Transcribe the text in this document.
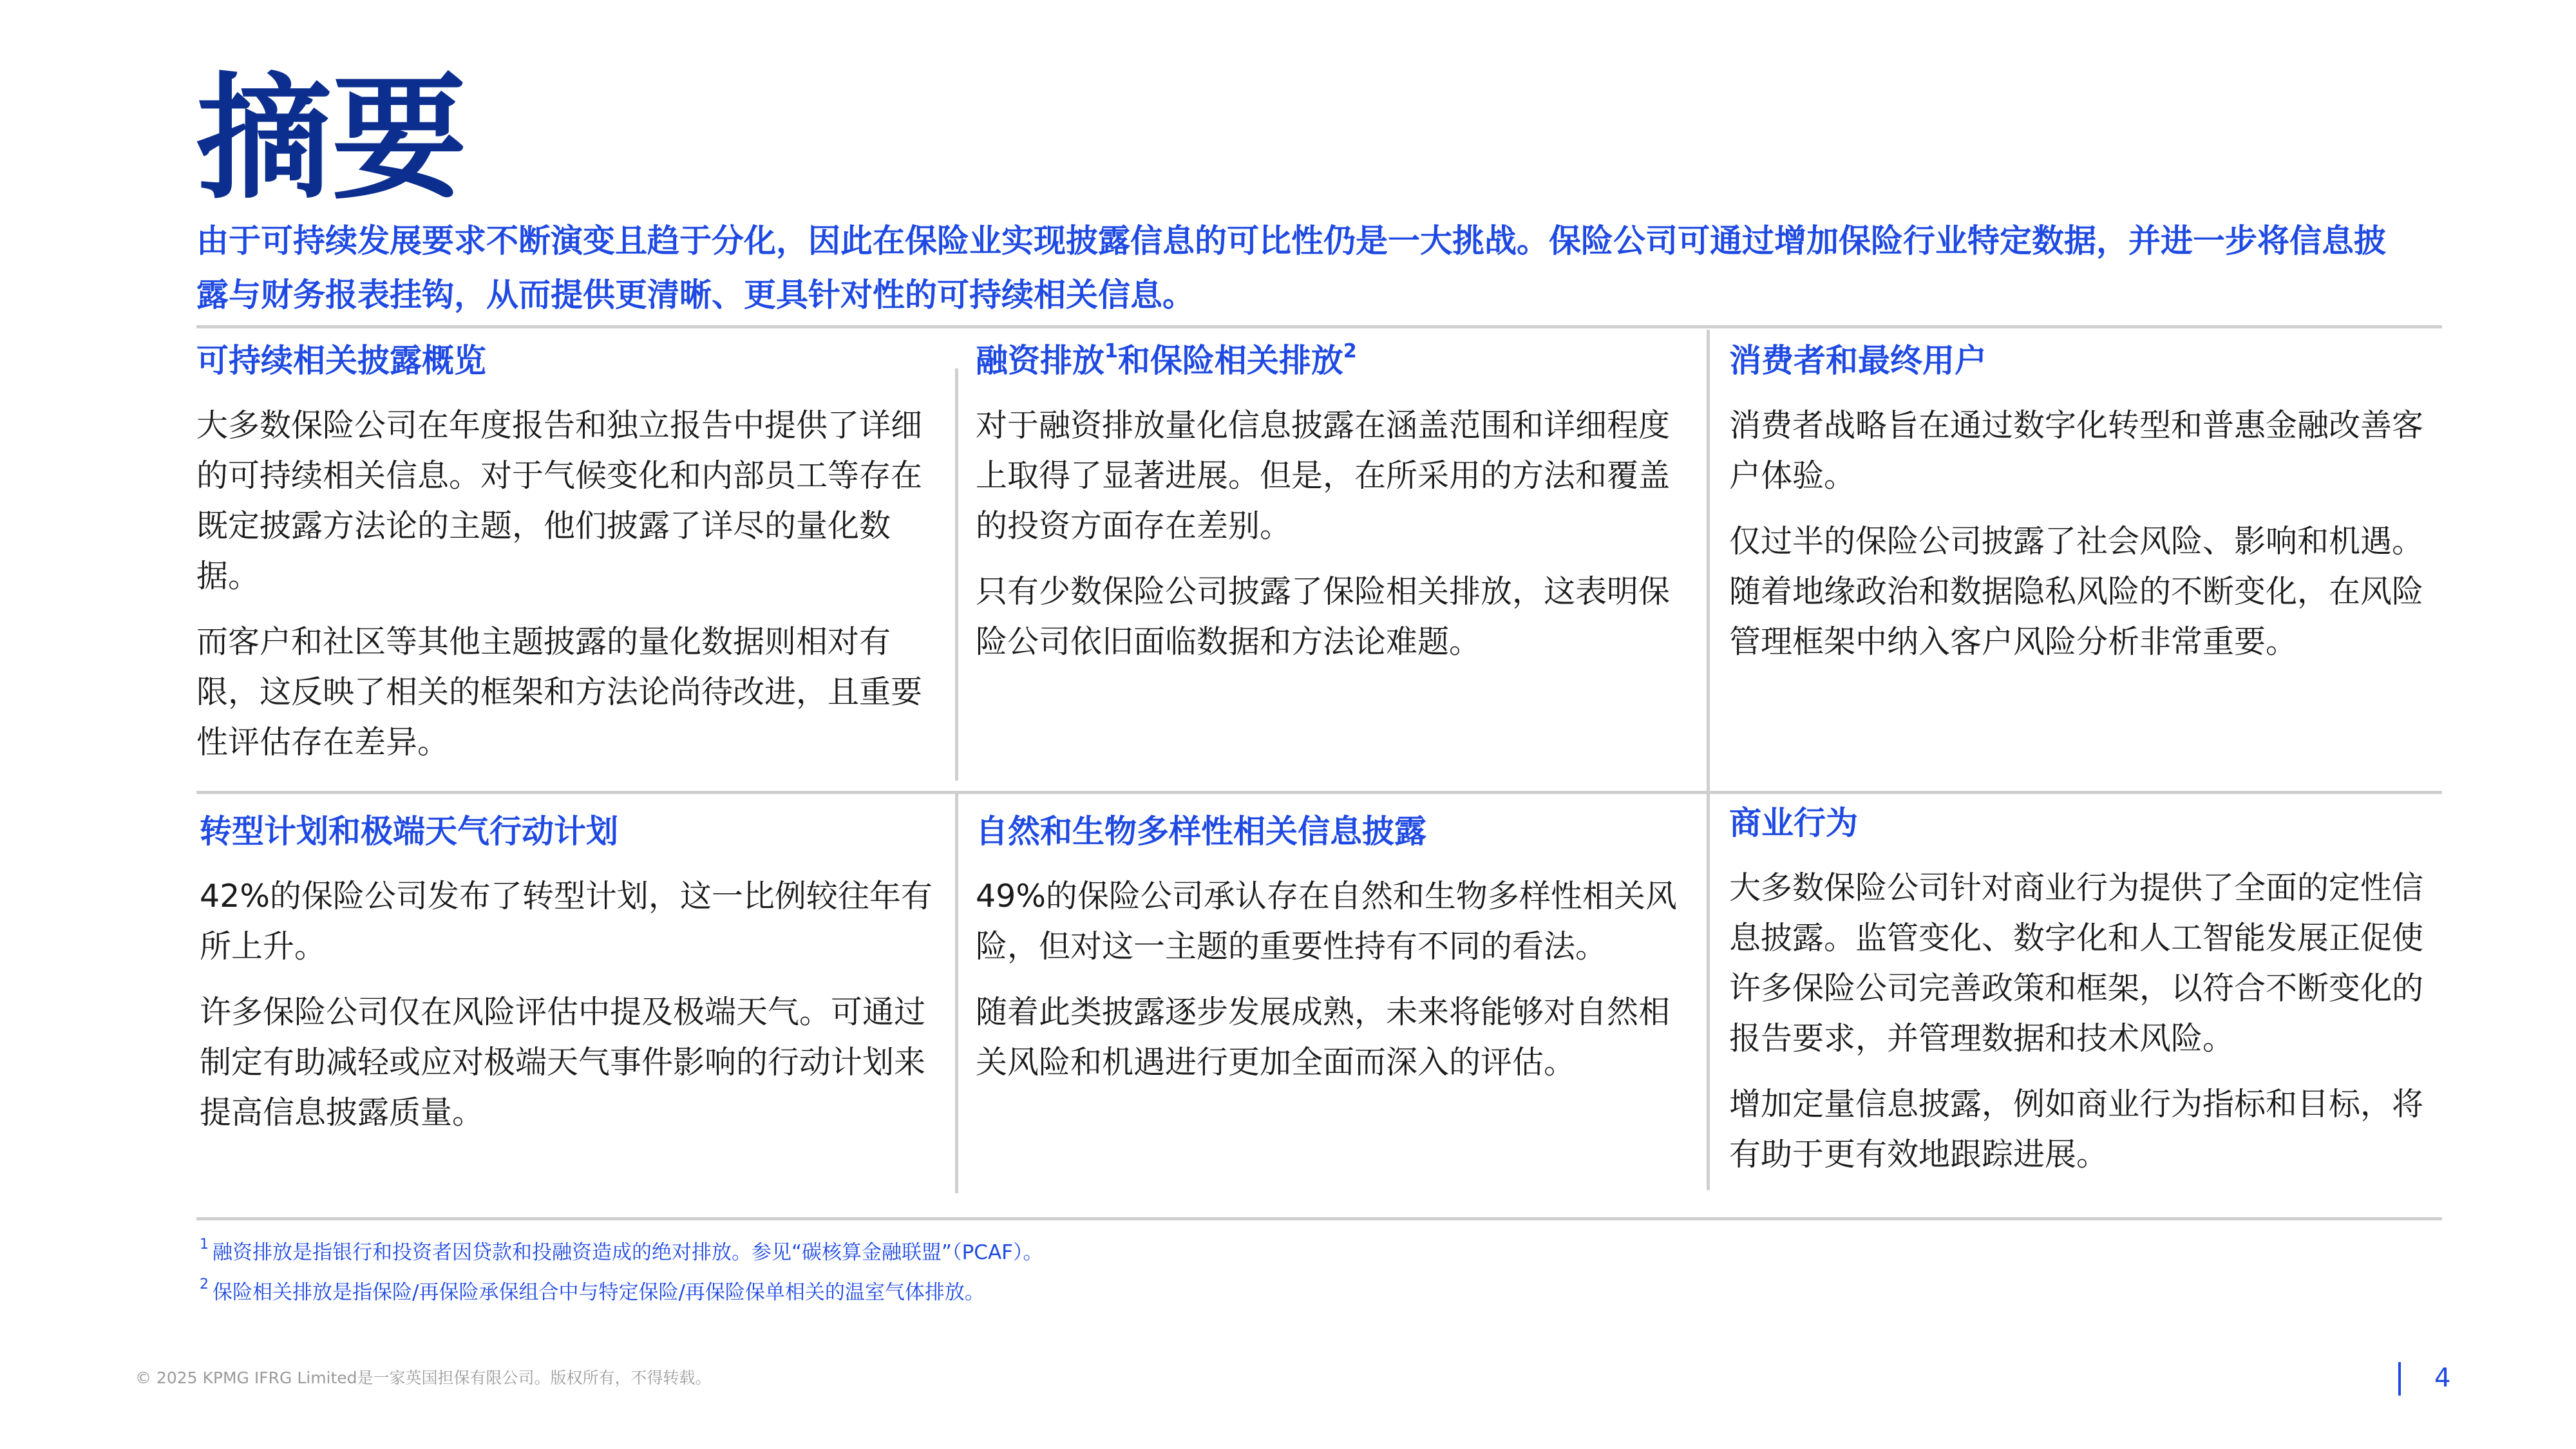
摘要

由于可持续发展要求不断演变且趋于分化，因此在保险业实现披露信息的可比性仍是一大挑战。保险公司可通过增加保险行业特定数据，并进一步将信息披露与财务报表挂钩，从而提供更清晰、更具针对性的可持续相关信息。

可持续相关披露概览

大多数保险公司在年度报告和独立报告中提供了详细的可持续相关信息。对于气候变化和内部员工等存在既定披露方法论的主题，他们披露了详尽的量化数据。

而客户和社区等其他主题披露的量化数据则相对有限，这反映了相关的框架和方法论尚待改进，且重要性评估存在差异。

融资排放$^1$和保险相关排放$^2$

对于融资排放量化信息披露在涵盖范围和详细程度上取得了显著进展。但是，在所采用的方法和覆盖的投资方面存在差别。

只有少数保险公司披露了保险相关排放，这表明保险公司依旧面临数据和方法论难题。

消费者和最终用户

消费者战略旨在通过数字化转型和普惠金融改善客户体验。

仅过半的保险公司披露了社会风险、影响和机遇。随着地缘政治和数据隐私风险的不断变化，在风险管理框架中纳入客户风险分析非常重要。

转型计划和极端天气行动计划

42%的保险公司发布了转型计划，这一比例较往年有所上升。

许多保险公司仅在风险评估中提及极端天气。可通过制定有助减轻或应对极端天气事件影响的行动计划来提高信息披露质量。

自然和生物多样性相关信息披露

49%的保险公司承认存在自然和生物多样性相关风险，但对这一主题的重要性持有不同的看法。

随着此类披露逐步发展成熟，未来将能够对自然相关风险和机遇进行更加全面而深入的评估。

商业行为

大多数保险公司针对商业行为提供了全面的定性信息披露。监管变化、数字化和人工智能发展正促使许多保险公司完善政策和框架，以符合不断变化的报告要求，并管理数据和技术风险。

增加定量信息披露，例如商业行为指标和目标，将有助于更有效地跟踪进展。

$^1$ 融资排放是指银行和投资者因贷款和投融资造成的绝对排放。参见“碳核算金融联盟”（PCAF）。

$^2$ 保险相关排放是指保险/再保险承保组合中与特定保险/再保险保单相关的温室气体排放。

© 2025 KPMG IFRG Limited是一家英国担保有限公司。版权所有，不得转载。	4
